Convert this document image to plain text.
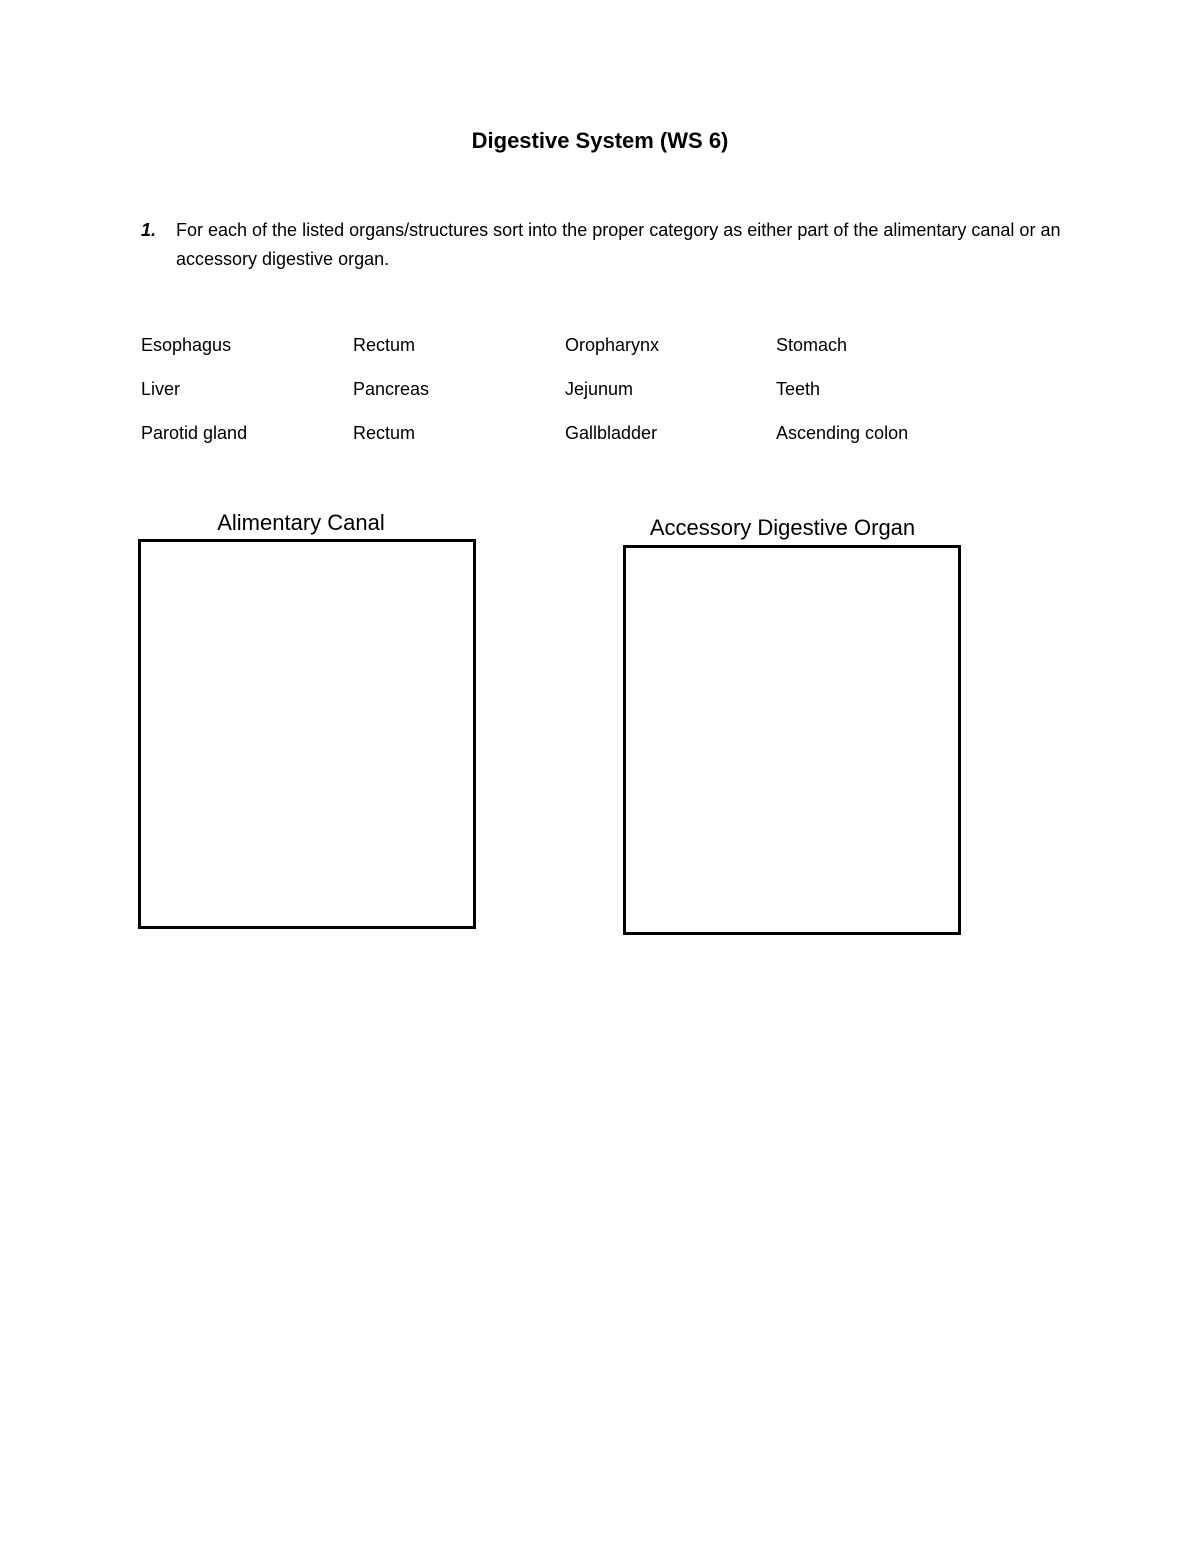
Digestive System (WS 6)
1. For each of the listed organs/structures sort into the proper category as either part of the alimentary canal or an accessory digestive organ.
Esophagus	Rectum	Oropharynx	Stomach
Liver	Pancreas	Jejunum	Teeth
Parotid gland	Rectum	Gallbladder	Ascending colon
Alimentary Canal	Accessory Digestive Organ
